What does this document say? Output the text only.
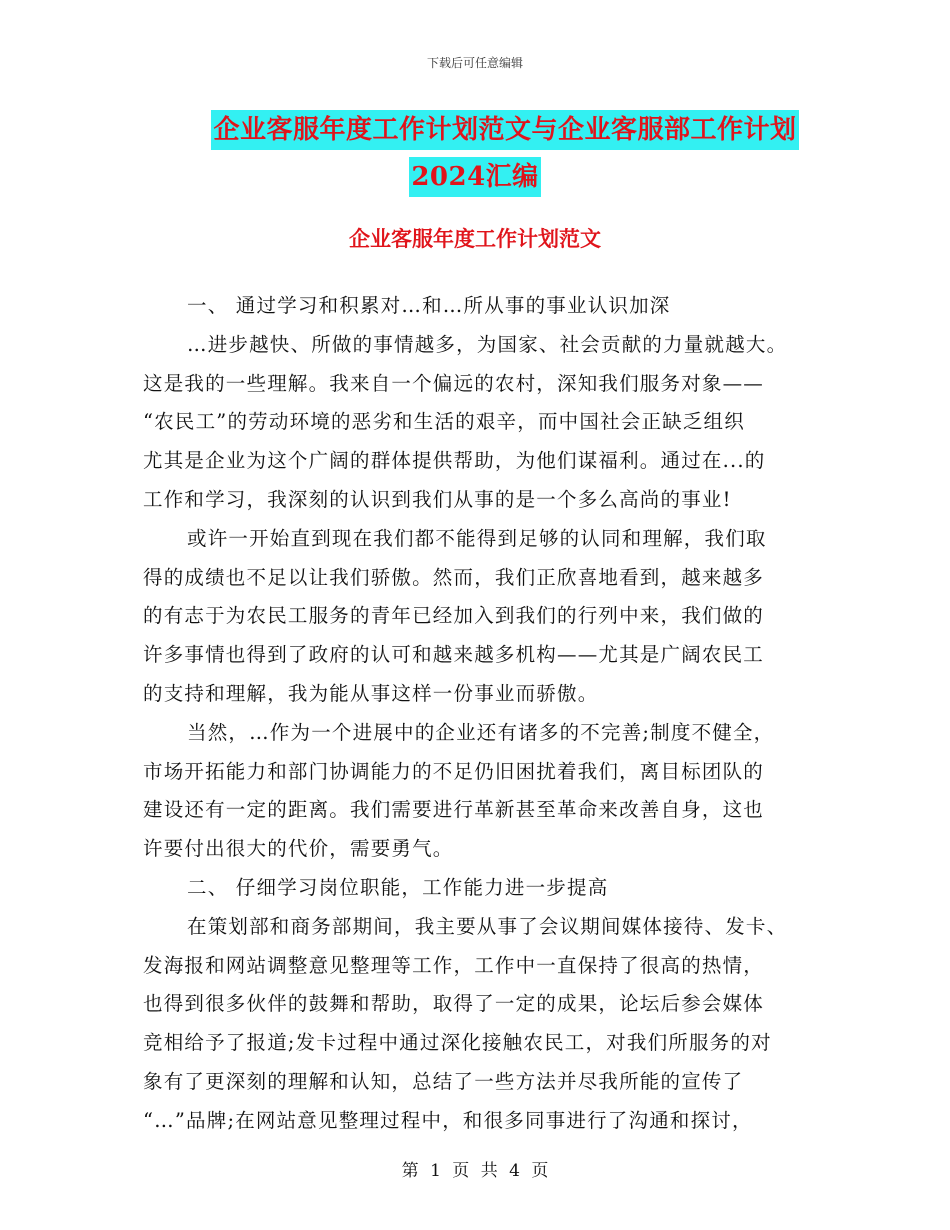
下载后可任意编辑
企业客服年度工作计划范文与企业客服部工作计划
2024汇编
企业客服年度工作计划范文
一、 通过学习和积累对…和…所从事的事业认识加深
…进步越快、所做的事情越多，为国家、社会贡献的力量就越大。
这是我的一些理解。我来自一个偏远的农村，深知我们服务对象——
“农民工”的劳动环境的恶劣和生活的艰辛，而中国社会正缺乏组织
尤其是企业为这个广阔的群体提供帮助，为他们谋福利。通过在...的
工作和学习，我深刻的认识到我们从事的是一个多么高尚的事业!
或许一开始直到现在我们都不能得到足够的认同和理解，我们取
得的成绩也不足以让我们骄傲。然而，我们正欣喜地看到，越来越多
的有志于为农民工服务的青年已经加入到我们的行列中来，我们做的
许多事情也得到了政府的认可和越来越多机构——尤其是广阔农民工
的支持和理解，我为能从事这样一份事业而骄傲。
当然，…作为一个进展中的企业还有诸多的不完善;制度不健全，
市场开拓能力和部门协调能力的不足仍旧困扰着我们，离目标团队的
建设还有一定的距离。我们需要进行革新甚至革命来改善自身，这也
许要付出很大的代价，需要勇气。
二、 仔细学习岗位职能，工作能力进一步提高
在策划部和商务部期间，我主要从事了会议期间媒体接待、发卡、
发海报和网站调整意见整理等工作，工作中一直保持了很高的热情，
也得到很多伙伴的鼓舞和帮助，取得了一定的成果，论坛后参会媒体
竞相给予了报道;发卡过程中通过深化接触农民工，对我们所服务的对
象有了更深刻的理解和认知，总结了一些方法并尽我所能的宣传了
“…”品牌;在网站意见整理过程中，和很多同事进行了沟通和探讨，
第 1 页 共 4 页
